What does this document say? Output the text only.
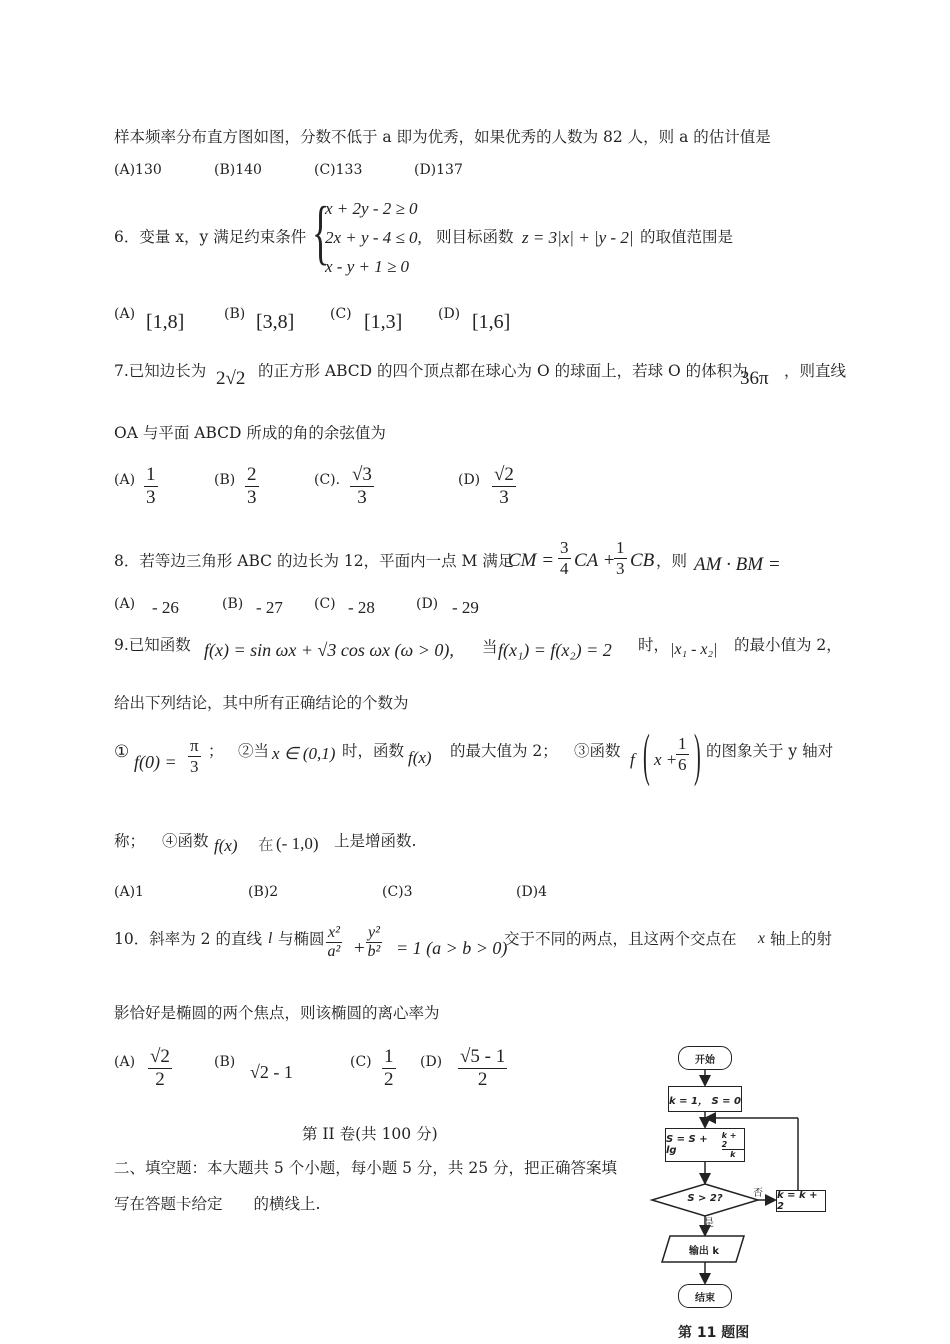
样本频率分布直方图如图，分数不低于 a 即为优秀，如果优秀的人数为 82 人，则 a 的估计值是
(A)130	(B)140	(C)133	(D)137
6．变量 x，y 满足约束条件 {
x + 2y - 2 ≥ 0
2x + y - 4 ≤ 0,
x - y + 1 ≥ 0
则目标函数 z = 3|x| + |y - 2| 的取值范围是
(A) [1,8]	(B) [3,8]	(C) [1,3]	(D) [1,6]
7.已知边长为 2√2 的正方形 ABCD 的四个顶点都在球心为 O 的球面上，若球 O 的体积为
36π ，则直线
OA 与平面 ABCD 所成的角的余弦值为
$(A) \frac{1}{3}$	$(B) \frac{2}{3}$	(C). $\frac{√3}{3}$	$(D) \frac{√2}{3}$
8．若等边三角形 ABC 的边长为 12，平面内一点 M 满足
CM = $\frac{3}{4}$ CA +
$\frac{1}{3}$ CB ，则 AM · BM =
(A) - 26	(B) - 27 (C) - 28	(D) - 29
9.已知函数 f(x) = sin ωx + √3 cos ωx (ω > 0), 当 f(x₁) = f(x₂) = 2 时， |x₁ - x₂| 的最小值为 2，
给出下列结论，其中所有正确结论的个数为
① $f(0) = \frac{\pi}{3}$ ； ②当 x ∈ (0,1) 时，函数 f(x) 的最大值为 2； ③函数 f ( x +
$\frac{1}{6}$ ) 的图象关于 y 轴对
称； ④函数 f(x) 在 (- 1,0) 上是增函数.
(A)1	(B)2	(C)3	(D)4
10．斜率为 2 的直线 l 与椭圆 $\frac{\text{x²}}{\text{a²}} + \frac{\text{y²}}{\text{b²}} = 1$ (a > b > 0)
交于不同的两点，且这两个交点在 x 轴上的射
影恰好是椭圆的两个焦点，则该椭圆的离心率为
$(A) \frac{√2}{2}$	(B) √2 - 1	$(C) \frac{1}{2} (D) \frac{√5 - 1}{2}$
第 II 卷(共 100 分)
二、填空题：本大题共 5 个小题，每小题 5 分，共 25 分，把正确答案填
写在答题卡给定　　的横线上.
开始
k = 1， S = 0
S = S + lg
k + 2
k
S > 2?	否	k = k + 2
是
输出 k
结束
第 11 题图
